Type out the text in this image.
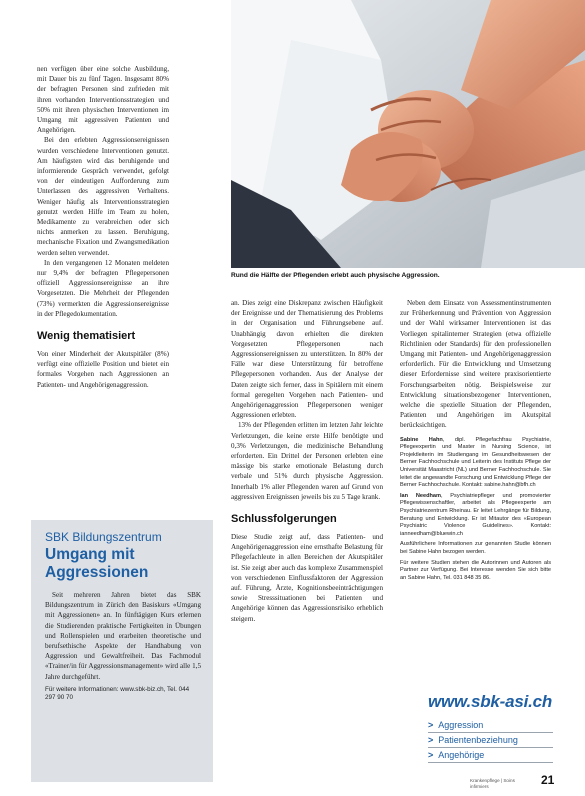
nen verfügen über eine solche Ausbildung, mit Dauer bis zu fünf Tagen. Insgesamt 80% der befragten Personen sind zufrieden mit ihren vorhanden Interventionsstrategien und 50% mit ihren physischen Interventionen im Umgang mit aggressiven Patienten und Angehörigen.

Bei den erlebten Aggressionsereignissen wurden verschiedene Interventionen genutzt. Am häufigsten wird das beruhigende und informierende Gespräch verwendet, gefolgt von der eindeutigen Aufforderung zum Unterlassen des aggressiven Verhaltens. Weniger häufig als Interventionsstrategien genutzt werden Hilfe im Team zu holen, Medikamente zu verabreichen oder sich nichts anmerken zu lassen. Beruhigung, mechanische Fixation und Zwangsmedikation werden selten verwendet.

In den vergangenen 12 Monaten meldeten nur 9,4% der befragten Pflegepersonen offiziell Aggressionsereignisse an ihre Vorgesetzten. Die Mehrheit der Pflegenden (73%) vermerkten die Aggressionsereignisse in der Pflegedokumentation.

Wenig thematisiert

Von einer Minderheit der Akutspitäler (8%) verfügt eine offizielle Position und bietet ein formales Vorgehen nach Aggressionen an Patienten- und Angehörigenaggression.

Rund die Hälfte der Pflegenden erlebt auch physische Aggression.
SBK Bildungszentrum
Umgang mit Aggressionen

Seit mehreren Jahren bietet das SBK Bildungszentrum in Zürich den Basiskurs «Umgang mit Aggressionen» an. In fünftägigen Kurs erlernen die Studierenden praktische Fertigkeiten in Übungen und Rollenspielen und erarbeiten theoretische und berufsethische Aspekte der Handhabung von Aggression und Gewaltfreiheit. Das Fachmodul «Trainer/in für Aggressionsmanagement» wird alle 1,5 Jahre durchgeführt.

Für weitere Informationen: www.sbk-biz.ch, Tel. 044 297 90 70

an. Dies zeigt eine Diskrepanz zwischen Häufigkeit der Ereignisse und der Thematisierung des Problems in der Organisation und Führungsebene auf. Unabhängig davon erhielten die direkten Vorgesetzten Pflegepersonen nach Aggressionsereignissen zu unterstützen. In 80% der Fälle war diese Unterstützung für betroffene Pflegepersonen vorhanden. Aus der Analyse der Daten zeigte sich ferner, dass in Spitälern mit einem formal geregelten Vorgehen nach Patienten- und Angehörigenaggression Pflegepersonen weniger Aggressionen erlebten.

13% der Pflegenden erlitten im letzten Jahr leichte Verletzungen, die keine erste Hilfe benötigte und 0,3% Verletzungen, die medizinische Behandlung erforderten. Ein Drittel der Personen erlebten eine mässige bis starke emotionale Belastung durch verbale und 51% durch physische Aggression. Innerhalb 1% aller Pflegenden waren auf Grund von aggressiven Ereignissen jeweils bis zu 5 Tage krank.

Schlussfolgerungen

Diese Studie zeigt auf, dass Patienten- und Angehörigenaggression eine ernsthafte Belastung für Pflegefachleute in allen Bereichen der Akutspitäler ist. Sie zeigt aber auch das komplexe Zusammenspiel von verschiedenen Einflussfaktoren der Aggression auf. Führung, Ärzte, Kognitionsbeeinträchtigungen sowie Stresssituationen bei Patienten und Angehörige können das Aggressionsrisiko erheblich steigern.

Neben dem Einsatz von Assessmentinstrumenten zur Früherkennung und Prävention von Aggression und der Wahl wirksamer Interventionen ist das Vorliegen spitalinterner Strategien (etwa offizielle Richtlinien oder Standards) für den professionellen Umgang mit Patienten- und Angehörigenaggression erforderlich. Für die Entwicklung und Umsetzung dieser Erfordernisse sind weitere praxisorientierte Forschungsarbeiten nötig. Beispielsweise zur Entwicklung situationsbezogener Interventionen, welche die spezielle Situation der Pflegenden, Patienten und Angehörigen im Akutspital berücksichtigen.

Sabine Hahn, dipl. Pflegefachfrau Psychiatrie, Pflegeexpertin und Master in Nursing Science, ist Projektleiterin im Studiengang im Gesundheitswesen der Berner Fachhochschule und Leiterin des Instituts Pflege der Universität Maastricht (NL) und Berner Fachhochschule. Sie leitet die angewandte Forschung und Entwicklung Pflege der Berner Fachhochschule. Kontakt: sabine.hahn@bfh.ch
Ian Needham, Psychiatriepfleger und promovierter Pflegewissenschaftler, arbeitet als Pflegeexperte am Psychiatriezentrum Rheinau. Er leitet Lehrgänge für Bildung, Beratung und Entwicklung. Er ist Mitautor des «European Psychiatric Violence Guidelines». Kontakt: ianneedham@bluewin.ch
Ausführlichere Informationen zur genannten Studie können bei Sabine Hahn bezogen werden.
Für weitere Studien stehen die Autorinnen und Autoren als Partner zur Verfügung. Bei Interesse wenden Sie sich bitte an Sabine Hahn, Tel. 031 848 35 86.
www.sbk-asi.ch
> Aggression
> Patientenbeziehung
> Angehörige
Krankenpflege | Soins infirmiers	21
